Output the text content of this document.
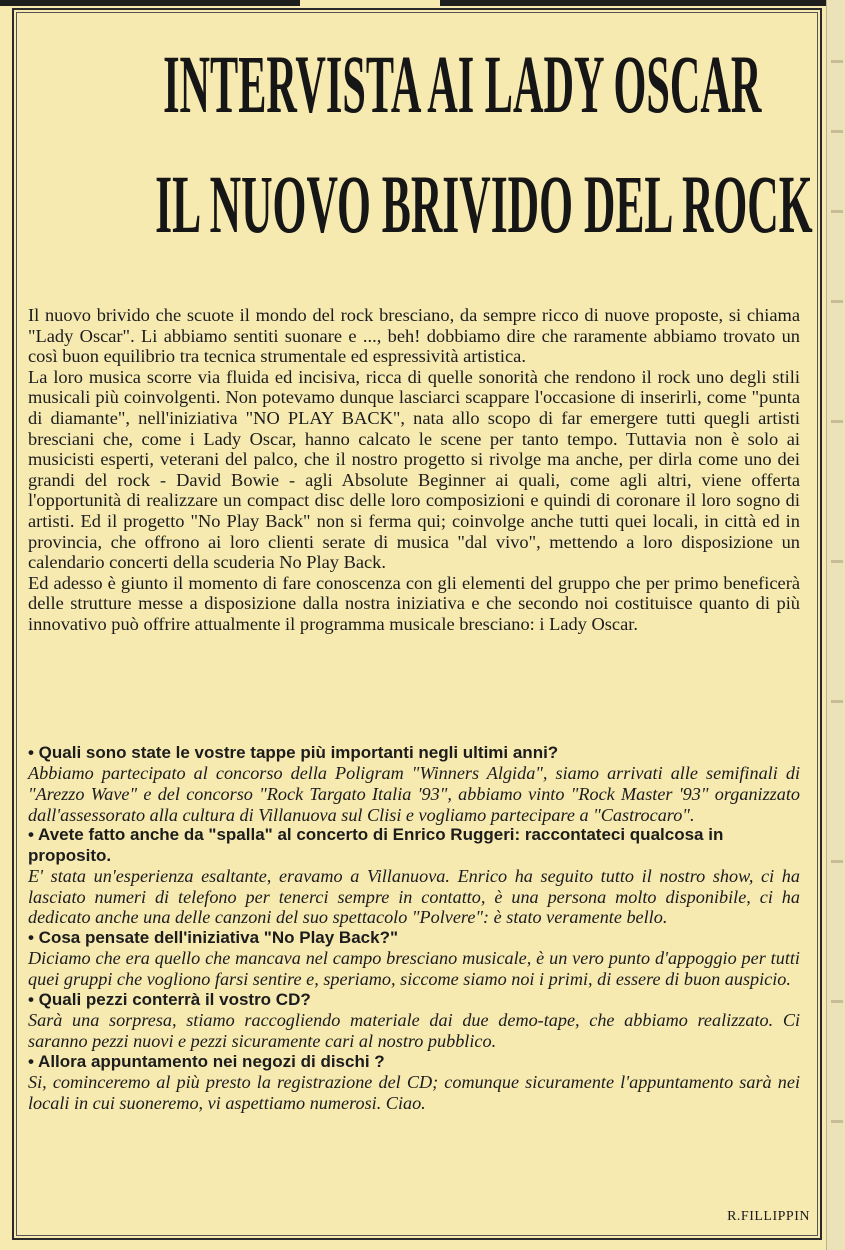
INTERVISTA AI LADY OSCAR
IL NUOVO BRIVIDO DEL ROCK

Il nuovo brivido che scuote il mondo del rock bresciano, da sempre ricco di nuove proposte, si chiama "Lady Oscar". Li abbiamo sentiti suonare e ..., beh! dobbiamo dire che raramente abbiamo trovato un così buon equilibrio tra tecnica strumentale ed espressività artistica.

La loro musica scorre via fluida ed incisiva, ricca di quelle sonorità che rendono il rock uno degli stili musicali più coinvolgenti. Non potevamo dunque lasciarci scappare l'occasione di inserirli, come "punta di diamante", nell'iniziativa "NO PLAY BACK", nata allo scopo di far emergere tutti quegli artisti bresciani che, come i Lady Oscar, hanno calcato le scene per tanto tempo. Tuttavia non è solo ai musicisti esperti, veterani del palco, che il nostro progetto si rivolge ma anche, per dirla come uno dei grandi del rock - David Bowie - agli Absolute Beginner ai quali, come agli altri, viene offerta l'opportunità di realizzare un compact disc delle loro composizioni e quindi di coronare il loro sogno di artisti. Ed il progetto "No Play Back" non si ferma qui; coinvolge anche tutti quei locali, in città ed in provincia, che offrono ai loro clienti serate di musica "dal vivo", mettendo a loro disposizione un calendario concerti della scuderia No Play Back.

Ed adesso è giunto il momento di fare conoscenza con gli elementi del gruppo che per primo beneficerà delle strutture messe a disposizione dalla nostra iniziativa e che secondo noi costituisce quanto di più innovativo può offrire attualmente il programma musicale bresciano: i Lady Oscar.

• Quali sono state le vostre tappe più importanti negli ultimi anni?

Abbiamo partecipato al concorso della Poligram "Winners Algida", siamo arrivati alle semifinali di "Arezzo Wave" e del concorso "Rock Targato Italia '93", abbiamo vinto "Rock Master '93" organizzato dall'assessorato alla cultura di Villanuova sul Clisi e vogliamo partecipare a "Castrocaro".

• Avete fatto anche da "spalla" al concerto di Enrico Ruggeri: raccontateci qualcosa in proposito.

E' stata un'esperienza esaltante, eravamo a Villanuova. Enrico ha seguito tutto il nostro show, ci ha lasciato numeri di telefono per tenerci sempre in contatto, è una persona molto disponibile, ci ha dedicato anche una delle canzoni del suo spettacolo "Polvere": è stato veramente bello.

• Cosa pensate dell'iniziativa "No Play Back?"

Diciamo che era quello che mancava nel campo bresciano musicale, è un vero punto d'appoggio per tutti quei gruppi che vogliono farsi sentire e, speriamo, siccome siamo noi i primi, di essere di buon auspicio.

• Quali pezzi conterrà il vostro CD?

Sarà una sorpresa, stiamo raccogliendo materiale dai due demo-tape, che abbiamo realizzato. Ci saranno pezzi nuovi e pezzi sicuramente cari al nostro pubblico.

• Allora appuntamento nei negozi di dischi ?

Si, cominceremo al più presto la registrazione del CD; comunque sicuramente l'appuntamento sarà nei locali in cui suoneremo, vi aspettiamo numerosi. Ciao.

R.FILLIPPIN
